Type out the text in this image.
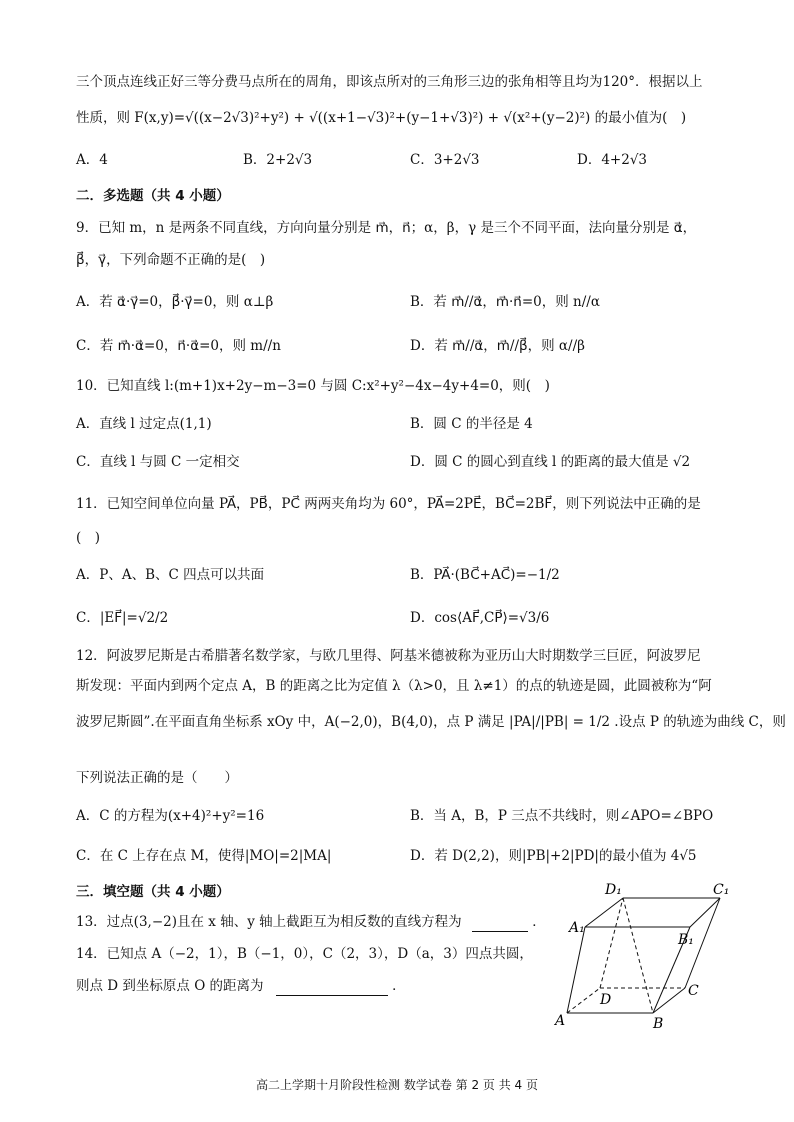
三个顶点连线正好三等分费马点所在的周角，即该点所对的三角形三边的张角相等且均为120°．根据以上
性质，则 F(x,y)=√((x−2√3)²+y²) + √((x+1−√3)²+(y−1+√3)²) + √(x²+(y−2)²) 的最小值为(　)
A．4	B．2+2√3	C．3+2√3	D．4+2√3
二．多选题（共 4 小题）
9．已知 m，n 是两条不同直线，方向向量分别是 m⃗，n⃗；α，β，γ 是三个不同平面，法向量分别是 α⃗，
β⃗，γ⃗，下列命题不正确的是(　)
A．若 α⃗·γ⃗=0，β⃗·γ⃗=0，则 α⊥β	B．若 m⃗//α⃗，m⃗·n⃗=0，则 n//α
C．若 m⃗·α⃗=0，n⃗·α⃗=0，则 m//n	D．若 m⃗//α⃗，m⃗//β⃗，则 α//β
10．已知直线 l:(m+1)x+2y−m−3=0 与圆 C:x²+y²−4x−4y+4=0，则(　)
A．直线 l 过定点(1,1)	B．圆 C 的半径是 4
C．直线 l 与圆 C 一定相交	D．圆 C 的圆心到直线 l 的距离的最大值是 √2
11．已知空间单位向量 PA⃗，PB⃗，PC⃗ 两两夹角均为 60°，PA⃗=2PE⃗，BC⃗=2BF⃗，则下列说法中正确的是
(　)
A．P、A、B、C 四点可以共面	B．PA⃗·(BC⃗+AC⃗)=−1/2
C．|EF⃗|=√2/2	D．cos⟨AF⃗,CP⃗⟩=√3/6
12．阿波罗尼斯是古希腊著名数学家，与欧几里得、阿基米德被称为亚历山大时期数学三巨匠，阿波罗尼
斯发现：平面内到两个定点 A，B 的距离之比为定值 λ（λ>0，且 λ≠1）的点的轨迹是圆，此圆被称为“阿
波罗尼斯圆”.在平面直角坐标系 xOy 中，A(−2,0)，B(4,0)，点 P 满足 |PA|/|PB| = 1/2 .设点 P 的轨迹为曲线 C，则
下列说法正确的是（　　）
A．C 的方程为(x+4)²+y²=16	B．当 A，B，P 三点不共线时，则∠APO=∠BPO
C．在 C 上存在点 M，使得|MO|=2|MA|	D．若 D(2,2)，则|PB|+2|PD|的最小值为 4√5
三．填空题（共 4 小题）
13．过点(3,−2)且在 x 轴、y 轴上截距互为相反数的直线方程为	．
14．已知点 A（−2，1），B（−1，0），C（2，3），D（a，3）四点共圆，
则点 D 到坐标原点 O 的距离为	．
D₁	C₁
A₁
B₁
D
C
A	B
高二上学期十月阶段性检测 数学试卷 第 2 页 共 4 页
